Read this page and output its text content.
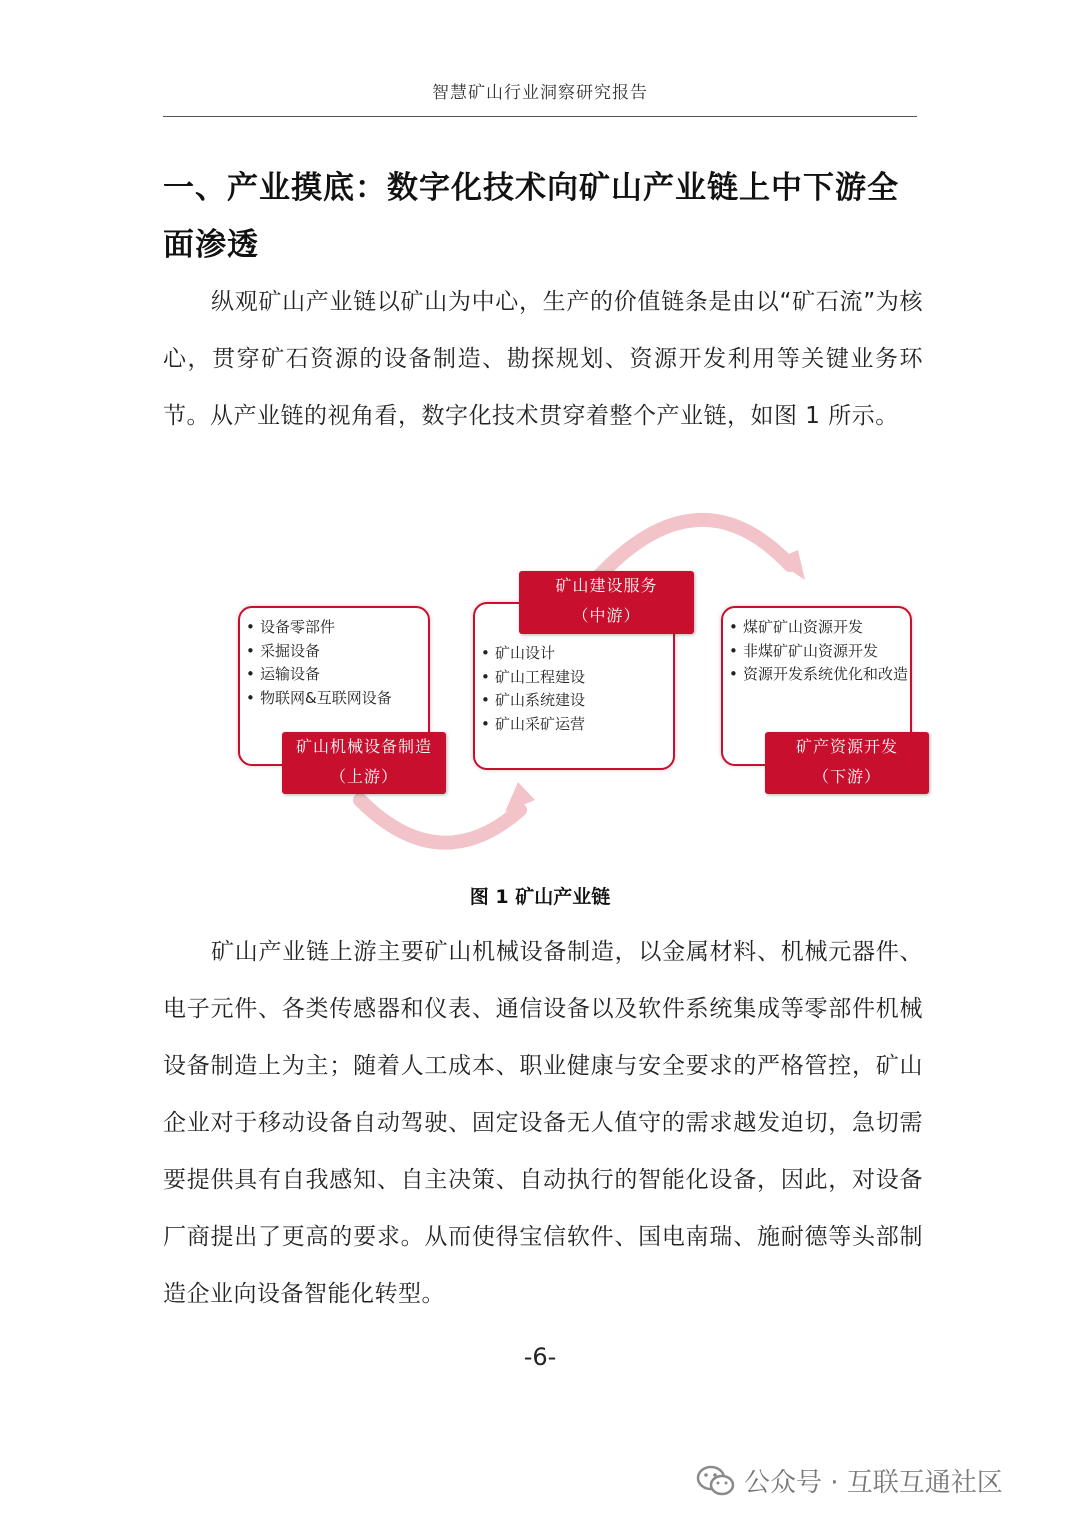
智慧矿山行业洞察研究报告
一、产业摸底：数字化技术向矿山产业链上中下游全面渗透
纵观矿山产业链以矿山为中心，生产的价值链条是由以“矿石流”为核心，贯穿矿石资源的设备制造、勘探规划、资源开发利用等关键业务环节。从产业链的视角看，数字化技术贯穿着整个产业链，如图 1 所示。
• 设备零部件
• 采掘设备
• 运输设备
• 物联网&互联网设备
矿山机械设备制造
（上游）
• 矿山设计
• 矿山工程建设
• 矿山系统建设
• 矿山采矿运营
矿山建设服务
（中游）
• 煤矿矿山资源开发
• 非煤矿矿山资源开发
• 资源开发系统优化和改造
矿产资源开发
（下游）
图 1 矿山产业链
矿山产业链上游主要矿山机械设备制造，以金属材料、机械元器件、电子元件、各类传感器和仪表、通信设备以及软件系统集成等零部件机械设备制造上为主；随着人工成本、职业健康与安全要求的严格管控，矿山企业对于移动设备自动驾驶、固定设备无人值守的需求越发迫切，急切需要提供具有自我感知、自主决策、自动执行的智能化设备，因此，对设备厂商提出了更高的要求。从而使得宝信软件、国电南瑞、施耐德等头部制造企业向设备智能化转型。
-6-
公众号 · 互联互通社区
